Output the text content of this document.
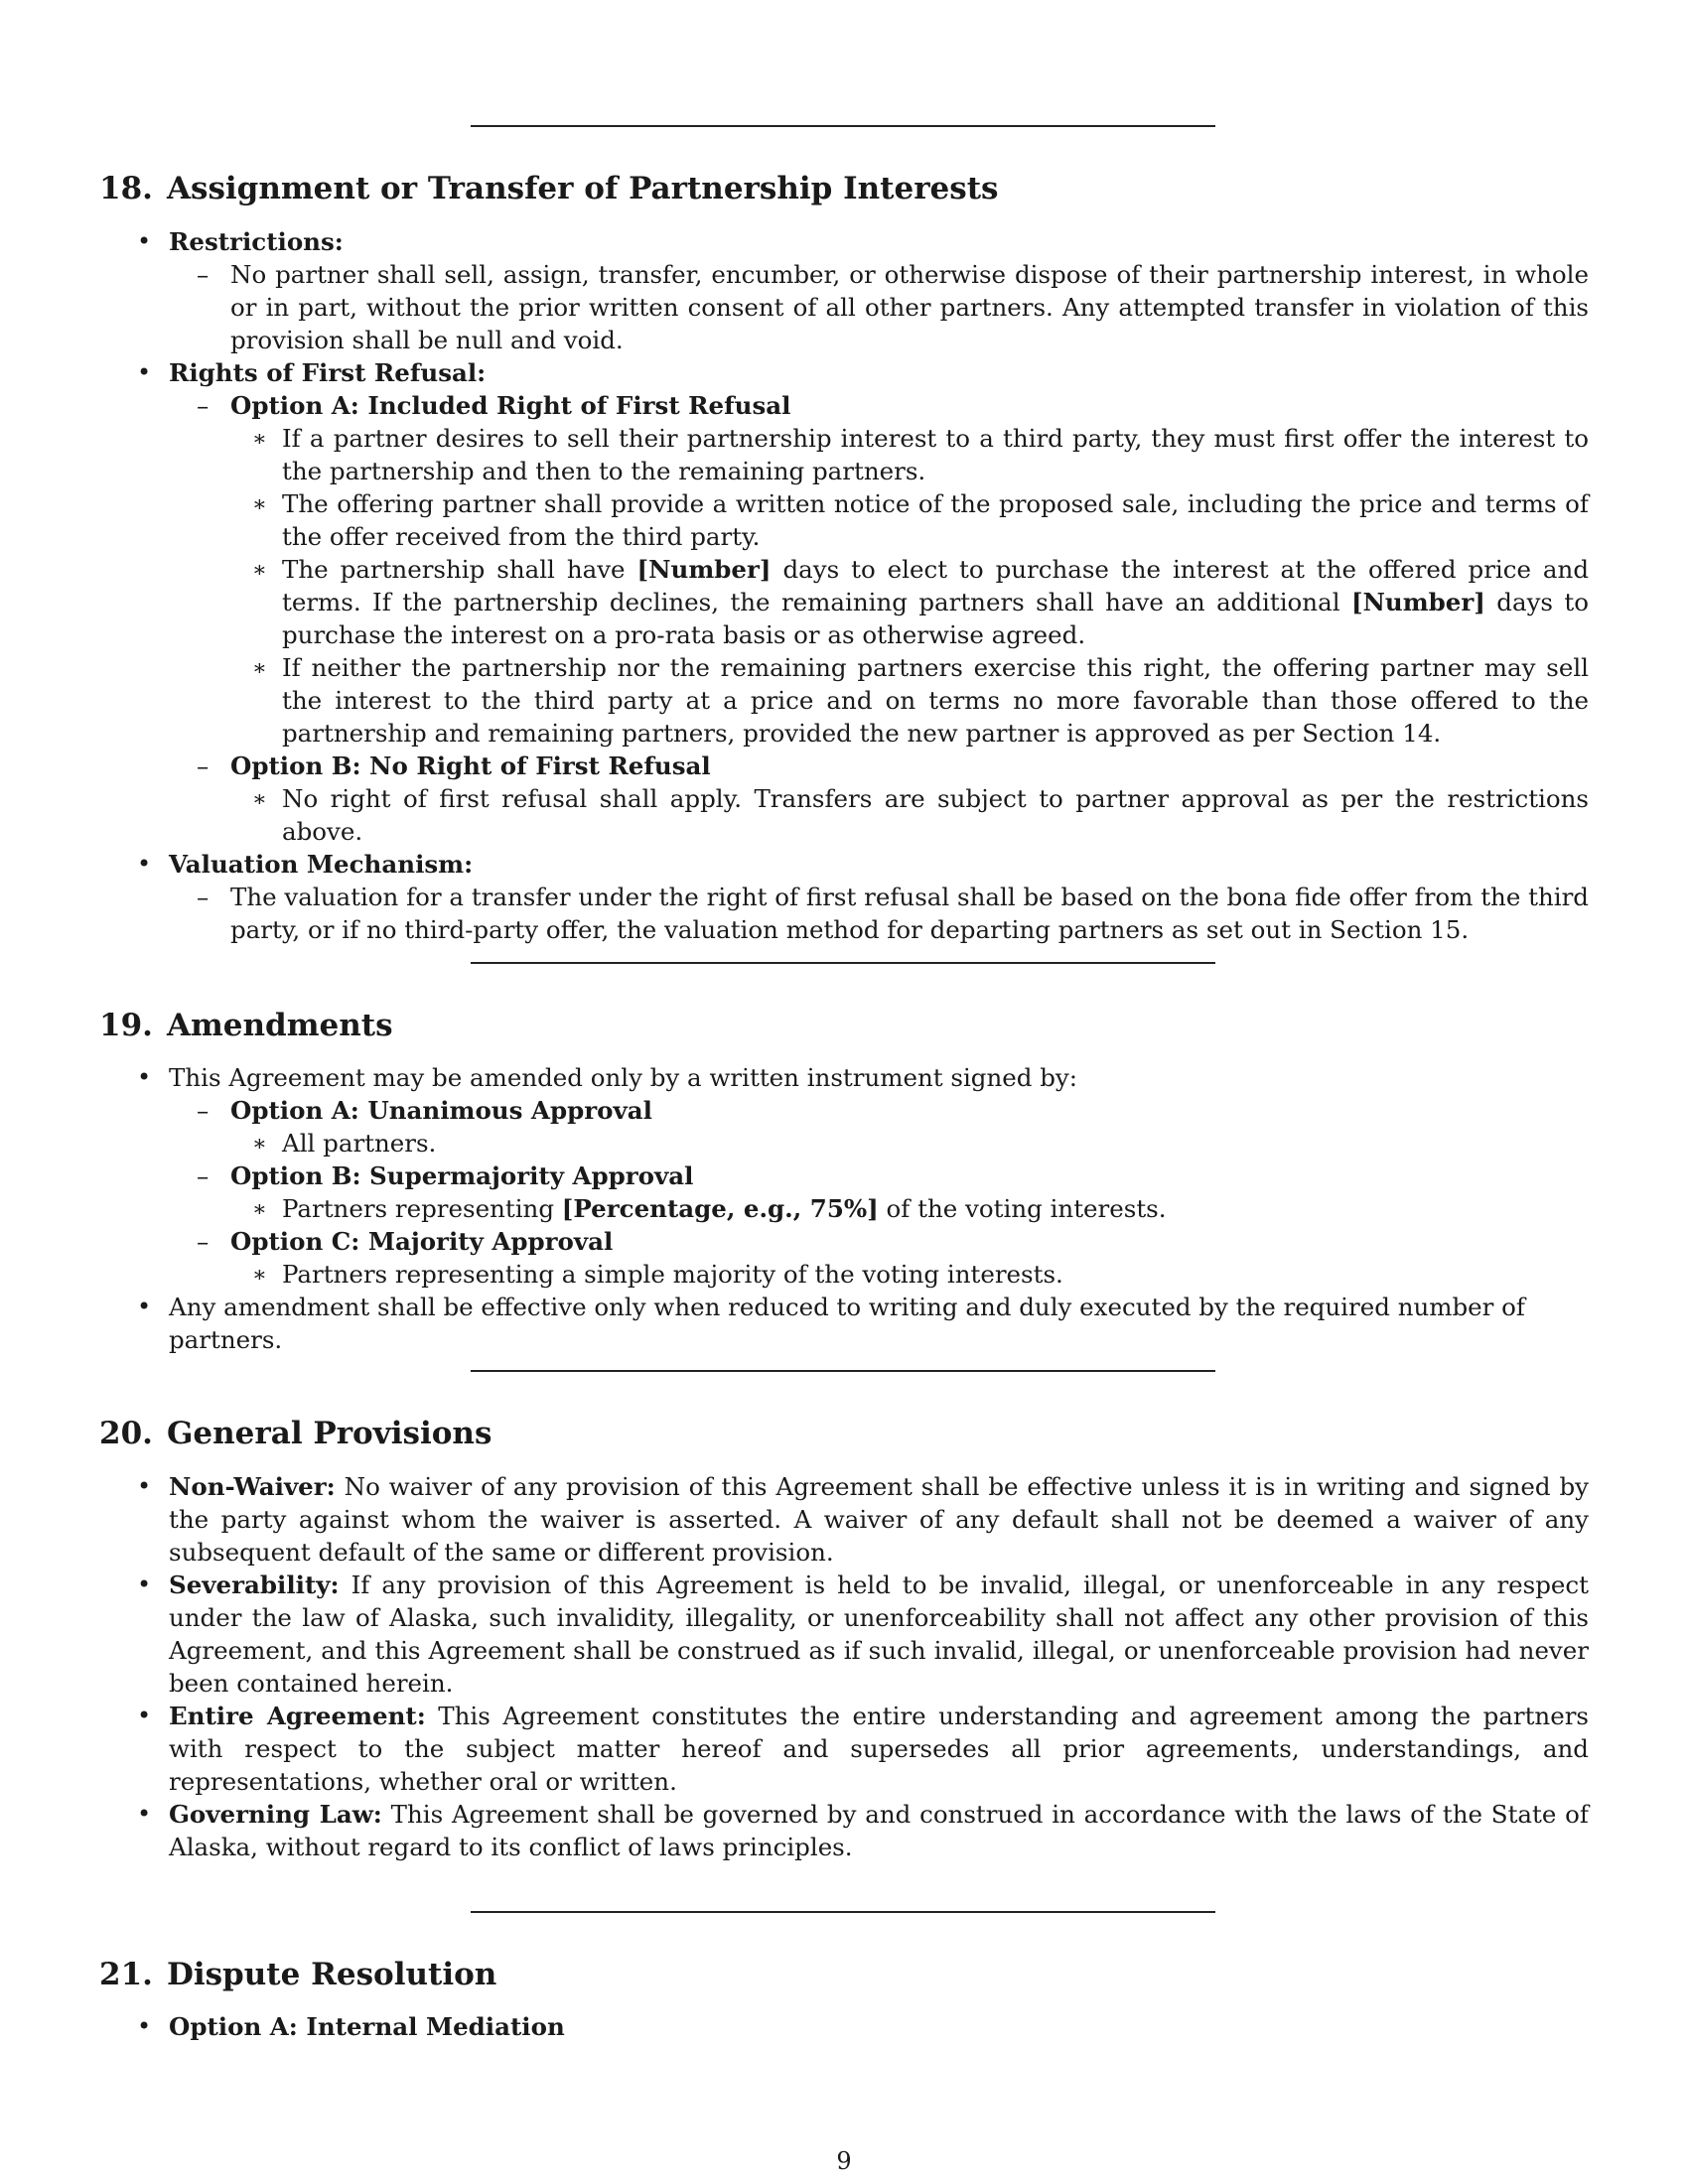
18. Assignment or Transfer of Partnership Interests
• Restrictions:
– No partner shall sell, assign, transfer, encumber, or otherwise dispose of their partnership interest, in whole or in part, without the prior written consent of all other partners. Any attempted transfer in violation of this provision shall be null and void.
• Rights of First Refusal:
– Option A: Included Right of First Refusal
∗ If a partner desires to sell their partnership interest to a third party, they must first offer the interest to the partnership and then to the remaining partners.
∗ The offering partner shall provide a written notice of the proposed sale, including the price and terms of the offer received from the third party.
∗ The partnership shall have [Number] days to elect to purchase the interest at the offered price and terms. If the partnership declines, the remaining partners shall have an additional [Number] days to purchase the interest on a pro-rata basis or as otherwise agreed.
∗ If neither the partnership nor the remaining partners exercise this right, the offering partner may sell the interest to the third party at a price and on terms no more favorable than those offered to the partnership and remaining partners, provided the new partner is approved as per Section 14.
– Option B: No Right of First Refusal
∗ No right of first refusal shall apply. Transfers are subject to partner approval as per the restrictions above.
• Valuation Mechanism:
– The valuation for a transfer under the right of first refusal shall be based on the bona fide offer from the third party, or if no third-party offer, the valuation method for departing partners as set out in Section 15.
19. Amendments
• This Agreement may be amended only by a written instrument signed by:
– Option A: Unanimous Approval
∗ All partners.
– Option B: Supermajority Approval
∗ Partners representing [Percentage, e.g., 75%] of the voting interests.
– Option C: Majority Approval
∗ Partners representing a simple majority of the voting interests.
• Any amendment shall be effective only when reduced to writing and duly executed by the required number of partners.
20. General Provisions
• Non-Waiver: No waiver of any provision of this Agreement shall be effective unless it is in writing and signed by the party against whom the waiver is asserted. A waiver of any default shall not be deemed a waiver of any subsequent default of the same or different provision.
• Severability: If any provision of this Agreement is held to be invalid, illegal, or unenforceable in any respect under the law of Alaska, such invalidity, illegality, or unenforceability shall not affect any other provision of this Agreement, and this Agreement shall be construed as if such invalid, illegal, or unenforceable provision had never been contained herein.
• Entire Agreement: This Agreement constitutes the entire understanding and agreement among the partners with respect to the subject matter hereof and supersedes all prior agreements, understandings, and representations, whether oral or written.
• Governing Law: This Agreement shall be governed by and construed in accordance with the laws of the State of Alaska, without regard to its conflict of laws principles.
21. Dispute Resolution
• Option A: Internal Mediation
9
